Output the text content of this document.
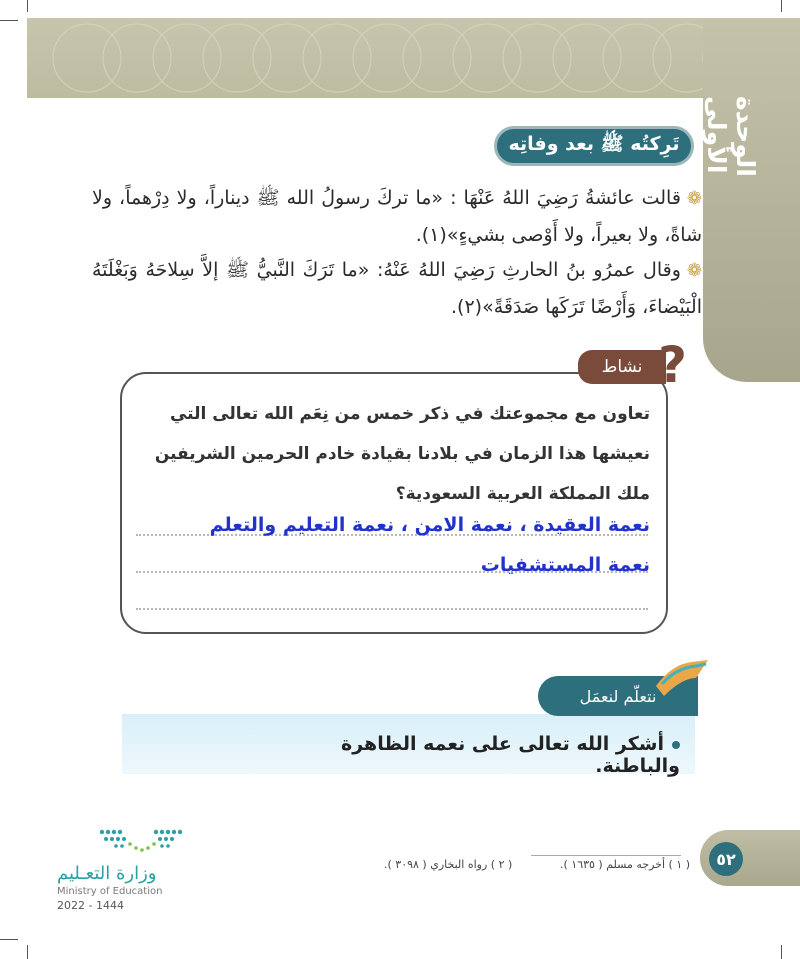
الوحدة الأولى
تَرِكتُه ﷺ بعد وفاتِه
❁قالت عائشةُ رَضِيَ اللهُ عَنْهَا : «ما تركَ رسولُ الله ﷺ ديناراً، ولا دِرْهماً، ولا شاةً، ولا بعيراً، ولا أَوْصى بشيءٍ»(١).
❁وقال عمرُو بنُ الحارثِ رَضِيَ اللهُ عَنْهُ: «ما تَرَكَ النَّبيُّ ﷺ إلاَّ سِلاحَهُ وَبَغْلَتَهُ الْبَيْضاءَ، وَأَرْضًا تَرَكَها صَدَقَةً»(٢).
نشاط ?
تعاون مع مجموعتك في ذكر خمس من نِعَم الله تعالى التي نعيشها هذا الزمان في بلادنا بقيادة خادم الحرمين الشريفين ملك المملكة العربية السعودية؟
نعمة العقيدة ، نعمة الامن ، نعمة التعليم والتعلم
نعمة المستشفيات
نتعلّم لنعمَل
أشكر الله تعالى على نعمه الظاهرة والباطنة.
( ١ ) أخرجه مسلم ( ١٦٣٥ ).
( ٢ ) رواه البخاري ( ٣٠٩٨ ).	٥٢
وزارة التعـليم
Ministry of Education
2022 - 1444
